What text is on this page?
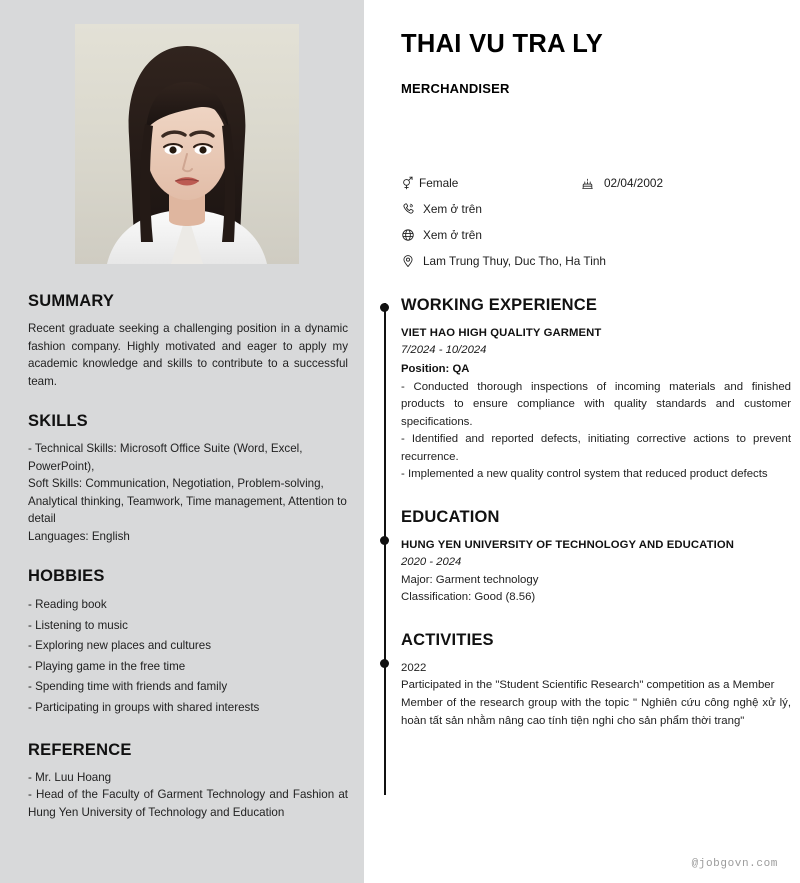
SUMMARY
Recent graduate seeking a challenging position in a dynamic fashion company. Highly motivated and eager to apply my academic knowledge and skills to contribute to a successful team.
SKILLS
- Technical Skills: Microsoft Office Suite (Word, Excel,
PowerPoint),
Soft Skills: Communication, Negotiation, Problem-solving,
Analytical thinking, Teamwork, Time management, Attention to
detail
Languages: English
HOBBIES
- Reading book
- Listening to music
- Exploring new places and cultures
- Playing game in the free time
- Spending time with friends and family
- Participating in groups with shared interests
REFERENCE
- Mr. Luu Hoang
- Head of the Faculty of Garment Technology and Fashion at Hung Yen University of Technology and Education
THAI VU TRA LY
MERCHANDISER
Female	02/04/2002
Xem ở trên
Xem ở trên
Lam Trung Thuy, Duc Tho, Ha Tinh
WORKING EXPERIENCE
VIET HAO HIGH QUALITY GARMENT
7/2024 - 10/2024
Position: QA
- Conducted thorough inspections of incoming materials and finished products to ensure compliance with quality standards and customer specifications.
- Identified and reported defects, initiating corrective actions to prevent recurrence.
- Implemented a new quality control system that reduced product defects
EDUCATION
HUNG YEN UNIVERSITY OF TECHNOLOGY AND EDUCATION
2020 - 2024
Major: Garment technology
Classification: Good (8.56)
ACTIVITIES
2022
Participated in the "Student Scientific Research" competition as a Member
Member of the research group with the topic " Nghiên cứu công nghệ xử lý, hoàn tất sản nhằm nâng cao tính tiện nghi cho sản phẩm thời trang"
@jobgovn.com
